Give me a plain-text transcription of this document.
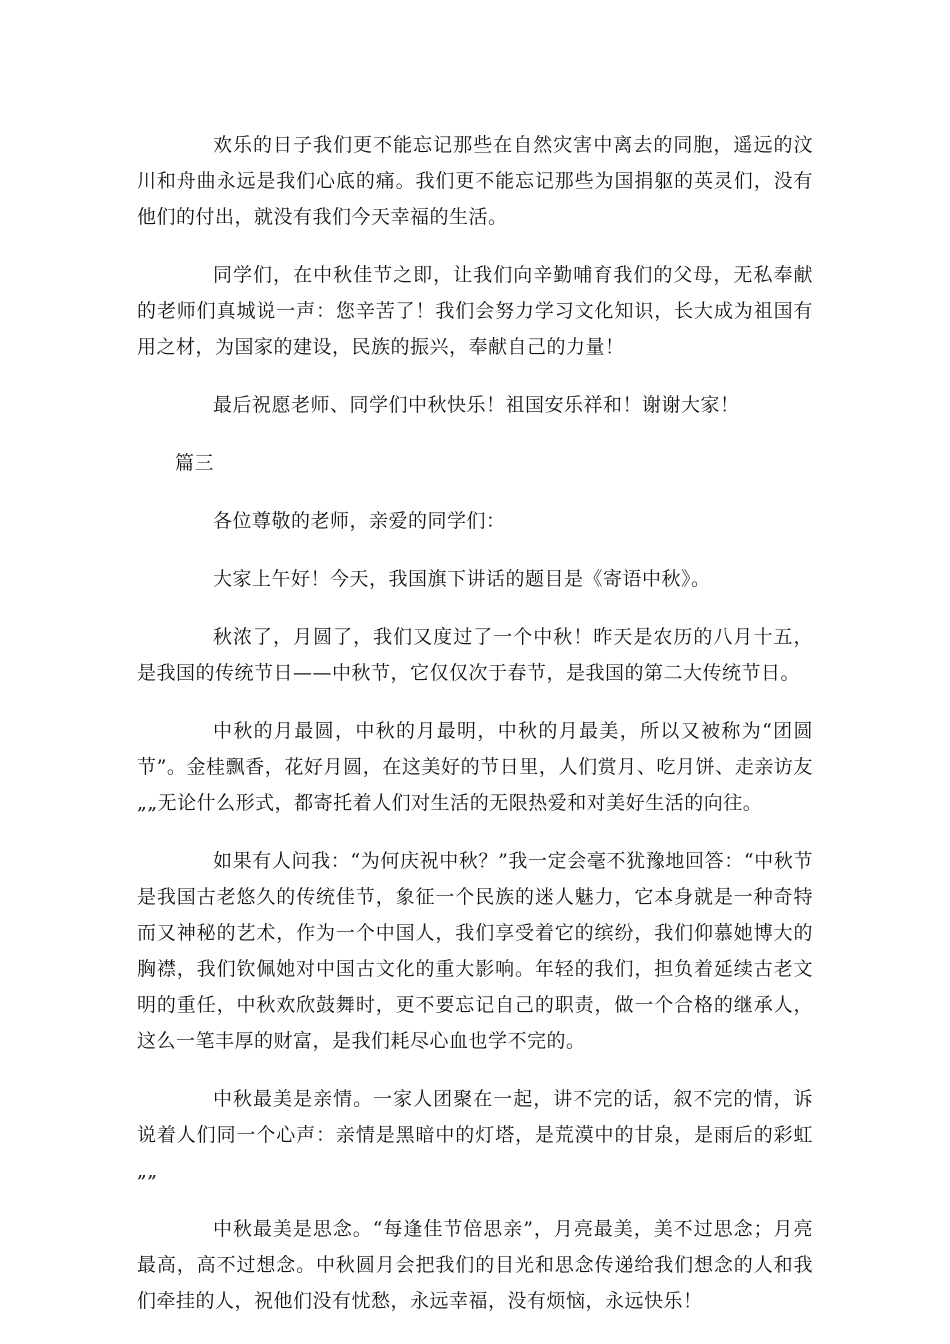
欢乐的日子我们更不能忘记那些在自然灾害中离去的同胞，遥远的汶川和舟曲永远是我们心底的痛。我们更不能忘记那些为国捐躯的英灵们，没有他们的付出，就没有我们今天幸福的生活。

同学们，在中秋佳节之即，让我们向辛勤哺育我们的父母，无私奉献的老师们真城说一声：您辛苦了！我们会努力学习文化知识，长大成为祖国有用之材，为国家的建设，民族的振兴，奉献自己的力量！

最后祝愿老师、同学们中秋快乐！祖国安乐祥和！谢谢大家！

篇三

各位尊敬的老师，亲爱的同学们：

大家上午好！今天，我国旗下讲话的题目是《寄语中秋》。

秋浓了，月圆了，我们又度过了一个中秋！昨天是农历的八月十五，是我国的传统节日——中秋节，它仅仅次于春节，是我国的第二大传统节日。

中秋的月最圆，中秋的月最明，中秋的月最美，所以又被称为“团圆节”。金桂飘香，花好月圆，在这美好的节日里，人们赏月、吃月饼、走亲访友„„无论什么形式，都寄托着人们对生活的无限热爱和对美好生活的向往。

如果有人问我：“为何庆祝中秋？”我一定会毫不犹豫地回答：“中秋节是我国古老悠久的传统佳节，象征一个民族的迷人魅力，它本身就是一种奇特而又神秘的艺术，作为一个中国人，我们享受着它的缤纷，我们仰慕她博大的胸襟，我们钦佩她对中国古文化的重大影响。年轻的我们，担负着延续古老文明的重任，中秋欢欣鼓舞时，更不要忘记自己的职责，做一个合格的继承人，这么一笔丰厚的财富，是我们耗尽心血也学不完的。

中秋最美是亲情。一家人团聚在一起，讲不完的话，叙不完的情，诉说着人们同一个心声：亲情是黑暗中的灯塔，是荒漠中的甘泉，是雨后的彩虹„„

中秋最美是思念。“每逢佳节倍思亲”，月亮最美，美不过思念；月亮最高，高不过想念。中秋圆月会把我们的目光和思念传递给我们想念的人和我们牵挂的人，祝他们没有忧愁，永远幸福，没有烦恼，永远快乐！
